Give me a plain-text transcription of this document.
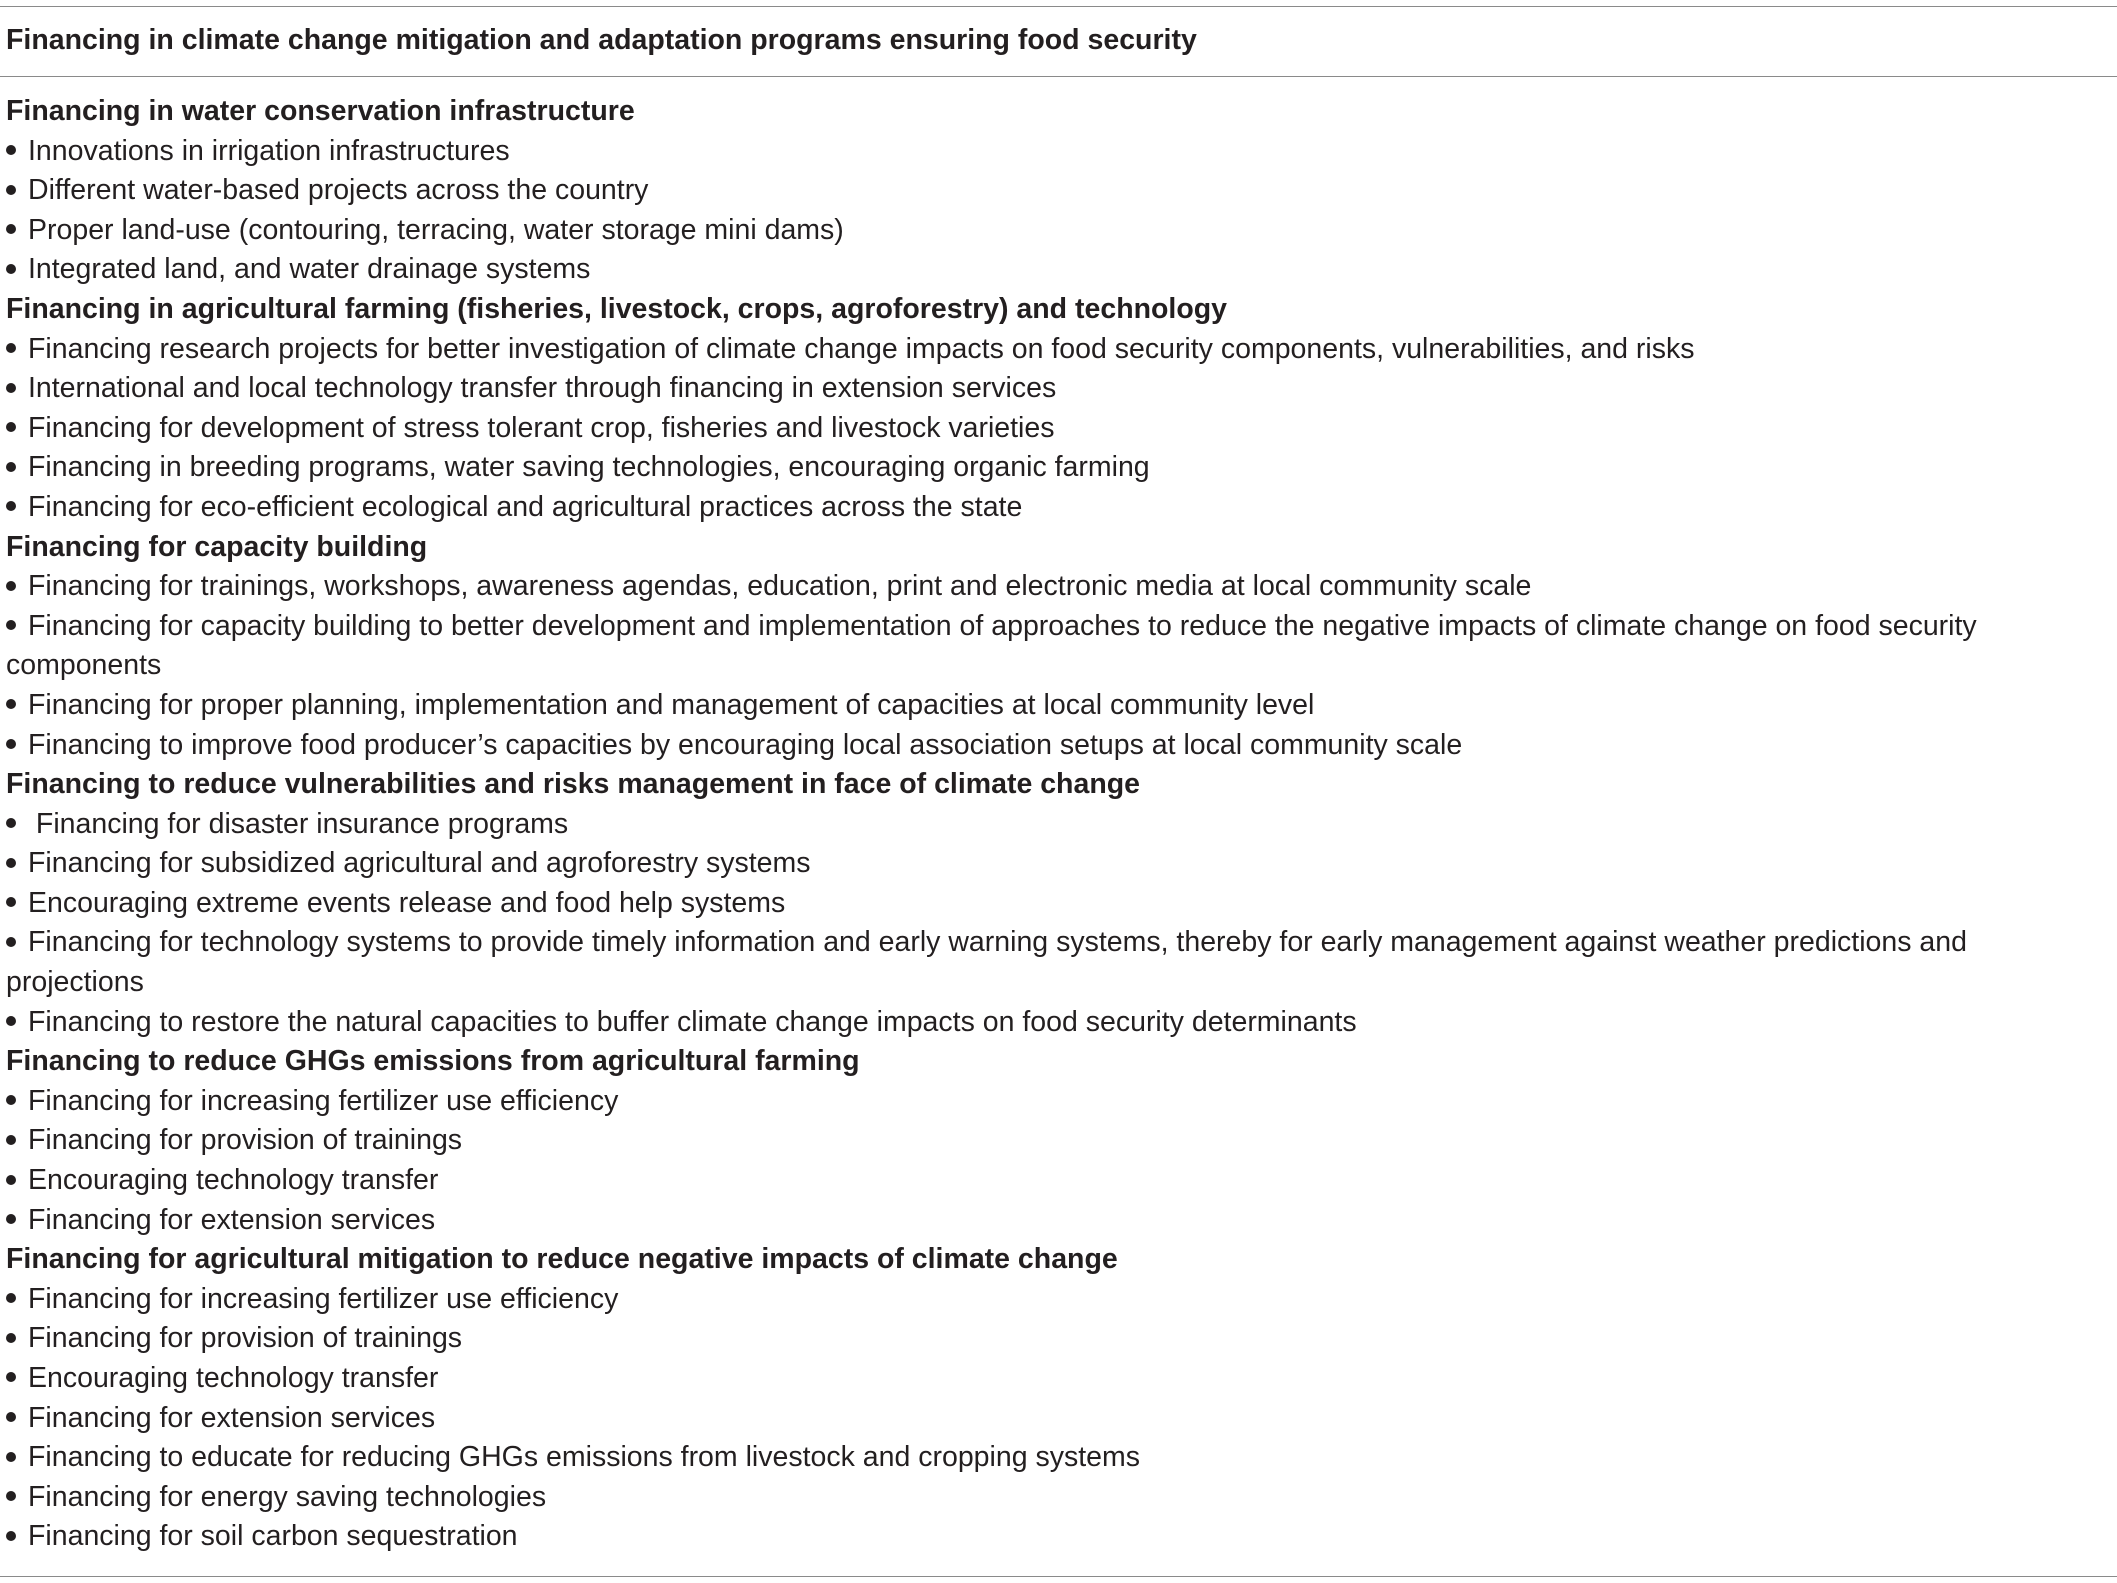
Financing in climate change mitigation and adaptation programs ensuring food security
Financing in water conservation infrastructure
Innovations in irrigation infrastructures
Different water-based projects across the country
Proper land-use (contouring, terracing, water storage mini dams)
Integrated land, and water drainage systems
Financing in agricultural farming (fisheries, livestock, crops, agroforestry) and technology
Financing research projects for better investigation of climate change impacts on food security components, vulnerabilities, and risks
International and local technology transfer through financing in extension services
Financing for development of stress tolerant crop, fisheries and livestock varieties
Financing in breeding programs, water saving technologies, encouraging organic farming
Financing for eco-efficient ecological and agricultural practices across the state
Financing for capacity building
Financing for trainings, workshops, awareness agendas, education, print and electronic media at local community scale
Financing for capacity building to better development and implementation of approaches to reduce the negative impacts of climate change on food security components
Financing for proper planning, implementation and management of capacities at local community level
Financing to improve food producer’s capacities by encouraging local association setups at local community scale
Financing to reduce vulnerabilities and risks management in face of climate change
Financing for disaster insurance programs
Financing for subsidized agricultural and agroforestry systems
Encouraging extreme events release and food help systems
Financing for technology systems to provide timely information and early warning systems, thereby for early management against weather predictions and projections
Financing to restore the natural capacities to buffer climate change impacts on food security determinants
Financing to reduce GHGs emissions from agricultural farming
Financing for increasing fertilizer use efficiency
Financing for provision of trainings
Encouraging technology transfer
Financing for extension services
Financing for agricultural mitigation to reduce negative impacts of climate change
Financing for increasing fertilizer use efficiency
Financing for provision of trainings
Encouraging technology transfer
Financing for extension services
Financing to educate for reducing GHGs emissions from livestock and cropping systems
Financing for energy saving technologies
Financing for soil carbon sequestration
